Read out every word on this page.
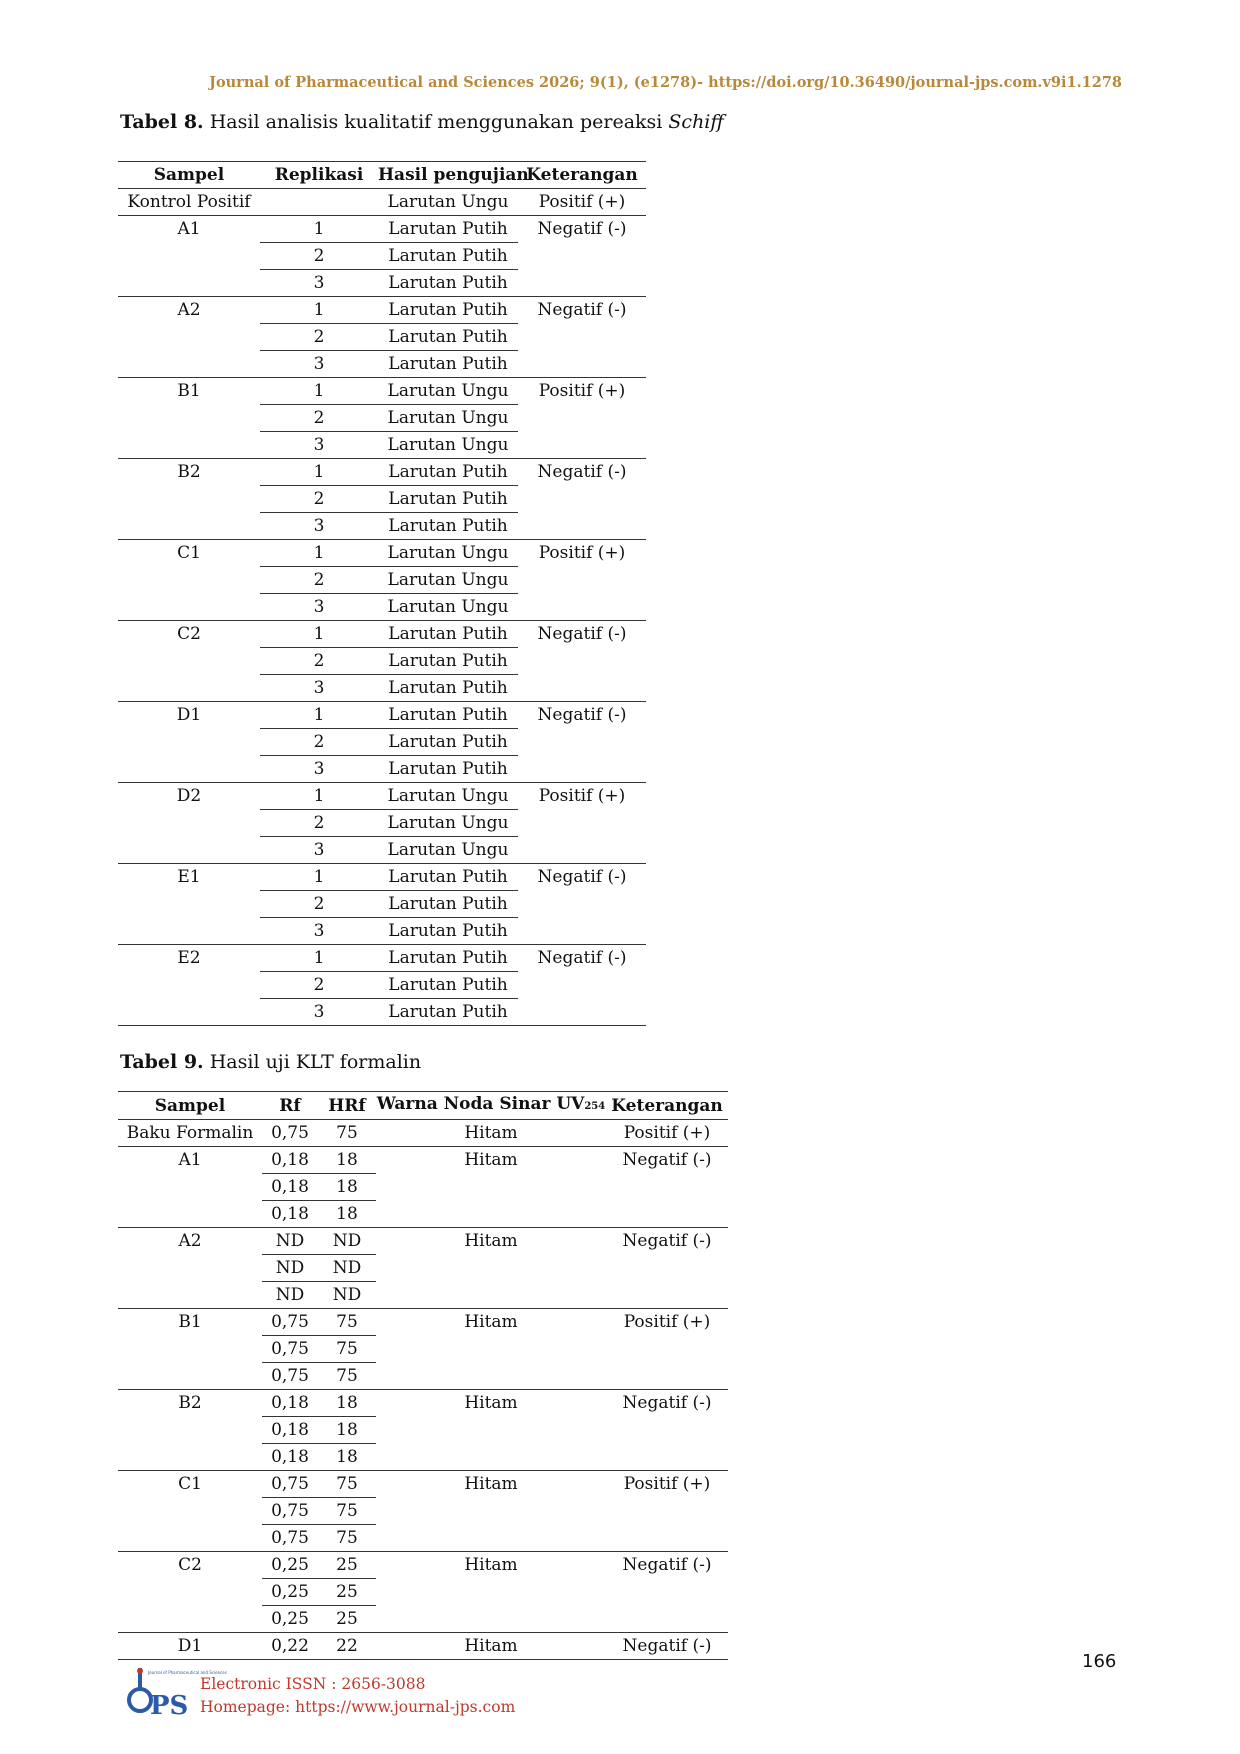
Journal of Pharmaceutical and Sciences 2026; 9(1), (e1278)- https://doi.org/10.36490/journal-jps.com.v9i1.1278
Tabel 8. Hasil analisis kualitatif menggunakan pereaksi Schiff
Sampel	Replikasi	Hasil pengujian	Keterangan
Kontrol Positif		Larutan Ungu	Positif (+)
A1	1	Larutan Putih	Negatif (-)
	2	Larutan Putih	
	3	Larutan Putih	
A2	1	Larutan Putih	Negatif (-)
	2	Larutan Putih	
	3	Larutan Putih	
B1	1	Larutan Ungu	Positif (+)
	2	Larutan Ungu	
	3	Larutan Ungu	
B2	1	Larutan Putih	Negatif (-)
	2	Larutan Putih	
	3	Larutan Putih	
C1	1	Larutan Ungu	Positif (+)
	2	Larutan Ungu	
	3	Larutan Ungu	
C2	1	Larutan Putih	Negatif (-)
	2	Larutan Putih	
	3	Larutan Putih	
D1	1	Larutan Putih	Negatif (-)
	2	Larutan Putih	
	3	Larutan Putih	
D2	1	Larutan Ungu	Positif (+)
	2	Larutan Ungu	
	3	Larutan Ungu	
E1	1	Larutan Putih	Negatif (-)
	2	Larutan Putih	
	3	Larutan Putih	
E2	1	Larutan Putih	Negatif (-)
	2	Larutan Putih	
	3	Larutan Putih	
Tabel 9. Hasil uji KLT formalin
Sampel	Rf	HRf	Warna Noda Sinar UV254	Keterangan
Baku Formalin	0,75	75	Hitam	Positif (+)
A1	0,18	18	Hitam	Negatif (-)
	0,18	18		
	0,18	18		
A2	ND	ND	Hitam	Negatif (-)
	ND	ND		
	ND	ND		
B1	0,75	75	Hitam	Positif (+)
	0,75	75		
	0,75	75		
B2	0,18	18	Hitam	Negatif (-)
	0,18	18		
	0,18	18		
C1	0,75	75	Hitam	Positif (+)
	0,75	75		
	0,75	75		
C2	0,25	25	Hitam	Negatif (-)
	0,25	25		
	0,25	25		
D1	0,22	22	Hitam	Negatif (-)
166
PS
Journal of Pharmaceutical and Sciences
Electronic ISSN : 2656-3088
Homepage: https://www.journal-jps.com
